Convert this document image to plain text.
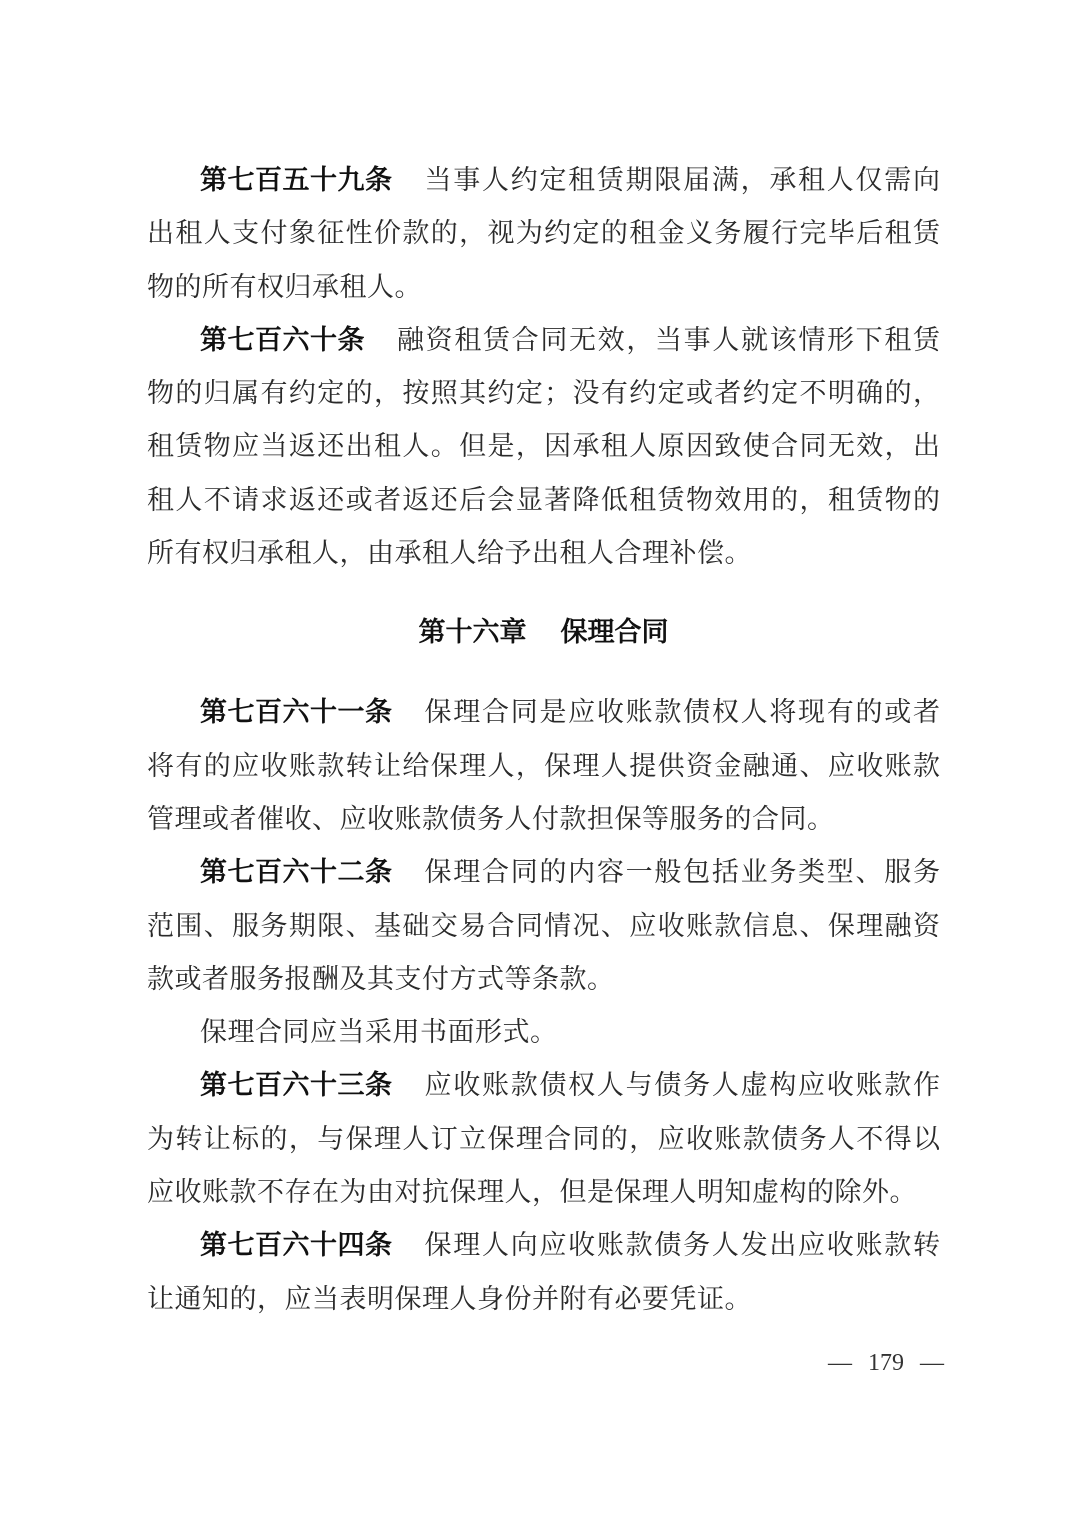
第七百五十九条 当事人约定租赁期限届满，承租人仅需向
出租人支付象征性价款的，视为约定的租金义务履行完毕后租赁
物的所有权归承租人。
第七百六十条 融资租赁合同无效，当事人就该情形下租赁
物的归属有约定的，按照其约定；没有约定或者约定不明确的，
租赁物应当返还出租人。但是，因承租人原因致使合同无效，出
租人不请求返还或者返还后会显著降低租赁物效用的，租赁物的
所有权归承租人，由承租人给予出租人合理补偿。
第十六章 保理合同
第七百六十一条 保理合同是应收账款债权人将现有的或者
将有的应收账款转让给保理人，保理人提供资金融通、应收账款
管理或者催收、应收账款债务人付款担保等服务的合同。
第七百六十二条 保理合同的内容一般包括业务类型、服务
范围、服务期限、基础交易合同情况、应收账款信息、保理融资
款或者服务报酬及其支付方式等条款。
保理合同应当采用书面形式。
第七百六十三条 应收账款债权人与债务人虚构应收账款作
为转让标的，与保理人订立保理合同的，应收账款债务人不得以
应收账款不存在为由对抗保理人，但是保理人明知虚构的除外。
第七百六十四条 保理人向应收账款债务人发出应收账款转
让通知的，应当表明保理人身份并附有必要凭证。
— 179 —
